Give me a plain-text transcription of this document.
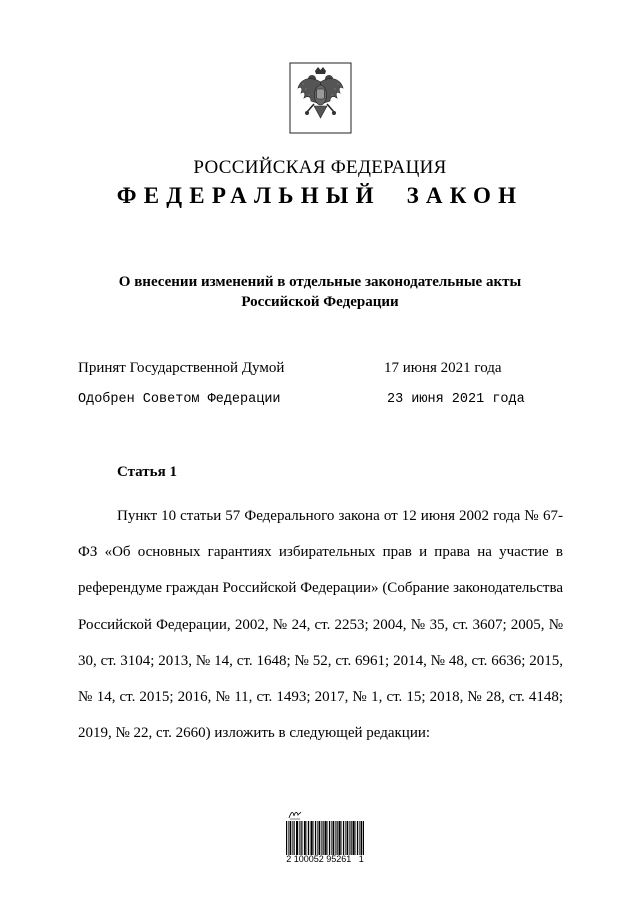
РОССИЙСКАЯ ФЕДЕРАЦИЯ
ФЕДЕРАЛЬНЫЙ  ЗАКОН
О внесении изменений в отдельные законодательные акты
Российской Федерации
Принят Государственной Думой	17 июня 2021 года
Одобрен Советом Федерации	23 июня 2021 года
Статья 1

Пункт 10 статьи 57 Федерального закона от 12 июня 2002 года № 67-ФЗ «Об основных гарантиях избирательных прав и права на участие в референдуме граждан Российской Федерации» (Собрание законодательства Российской Федерации, 2002, № 24, ст. 2253; 2004, № 35, ст. 3607; 2005, № 30, ст. 3104; 2013, № 14, ст. 1648; № 52, ст. 6961; 2014, № 48, ст. 6636; 2015, № 14, ст. 2015; 2016, № 11, ст. 1493; 2017, № 1, ст. 15; 2018, № 28, ст. 4148; 2019, № 22, ст. 2660) изложить в следующей редакции:

2 100052 95261   1
